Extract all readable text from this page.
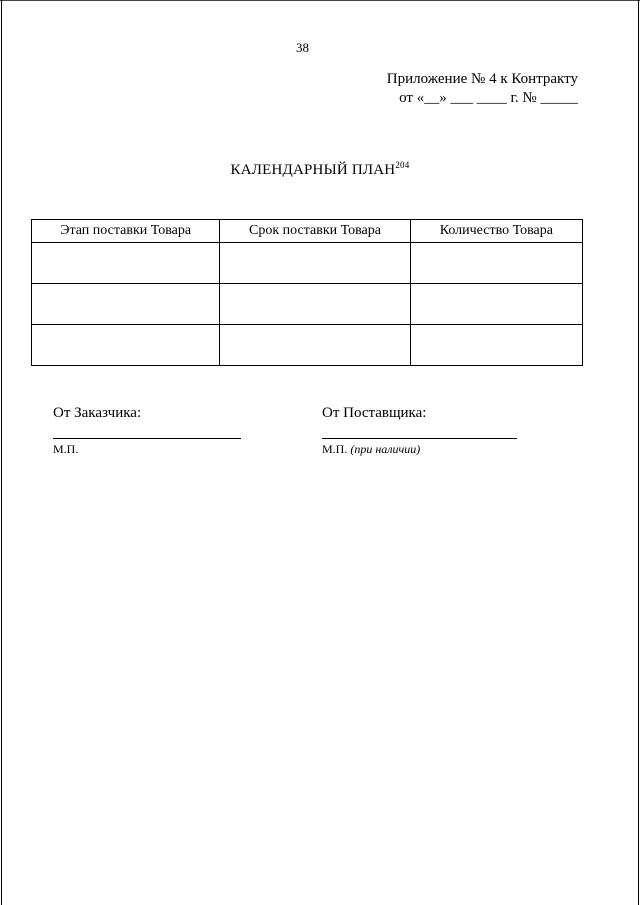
38
Приложение № 4 к Контракту
от «__» ___ ____ г. № _____
КАЛЕНДАРНЫЙ ПЛАН$^{204}$
Этап поставки Товара	Срок поставки Товара	Количество Товара

От Заказчика:
М.П.
От Поставщика:
М.П. (при наличии)
